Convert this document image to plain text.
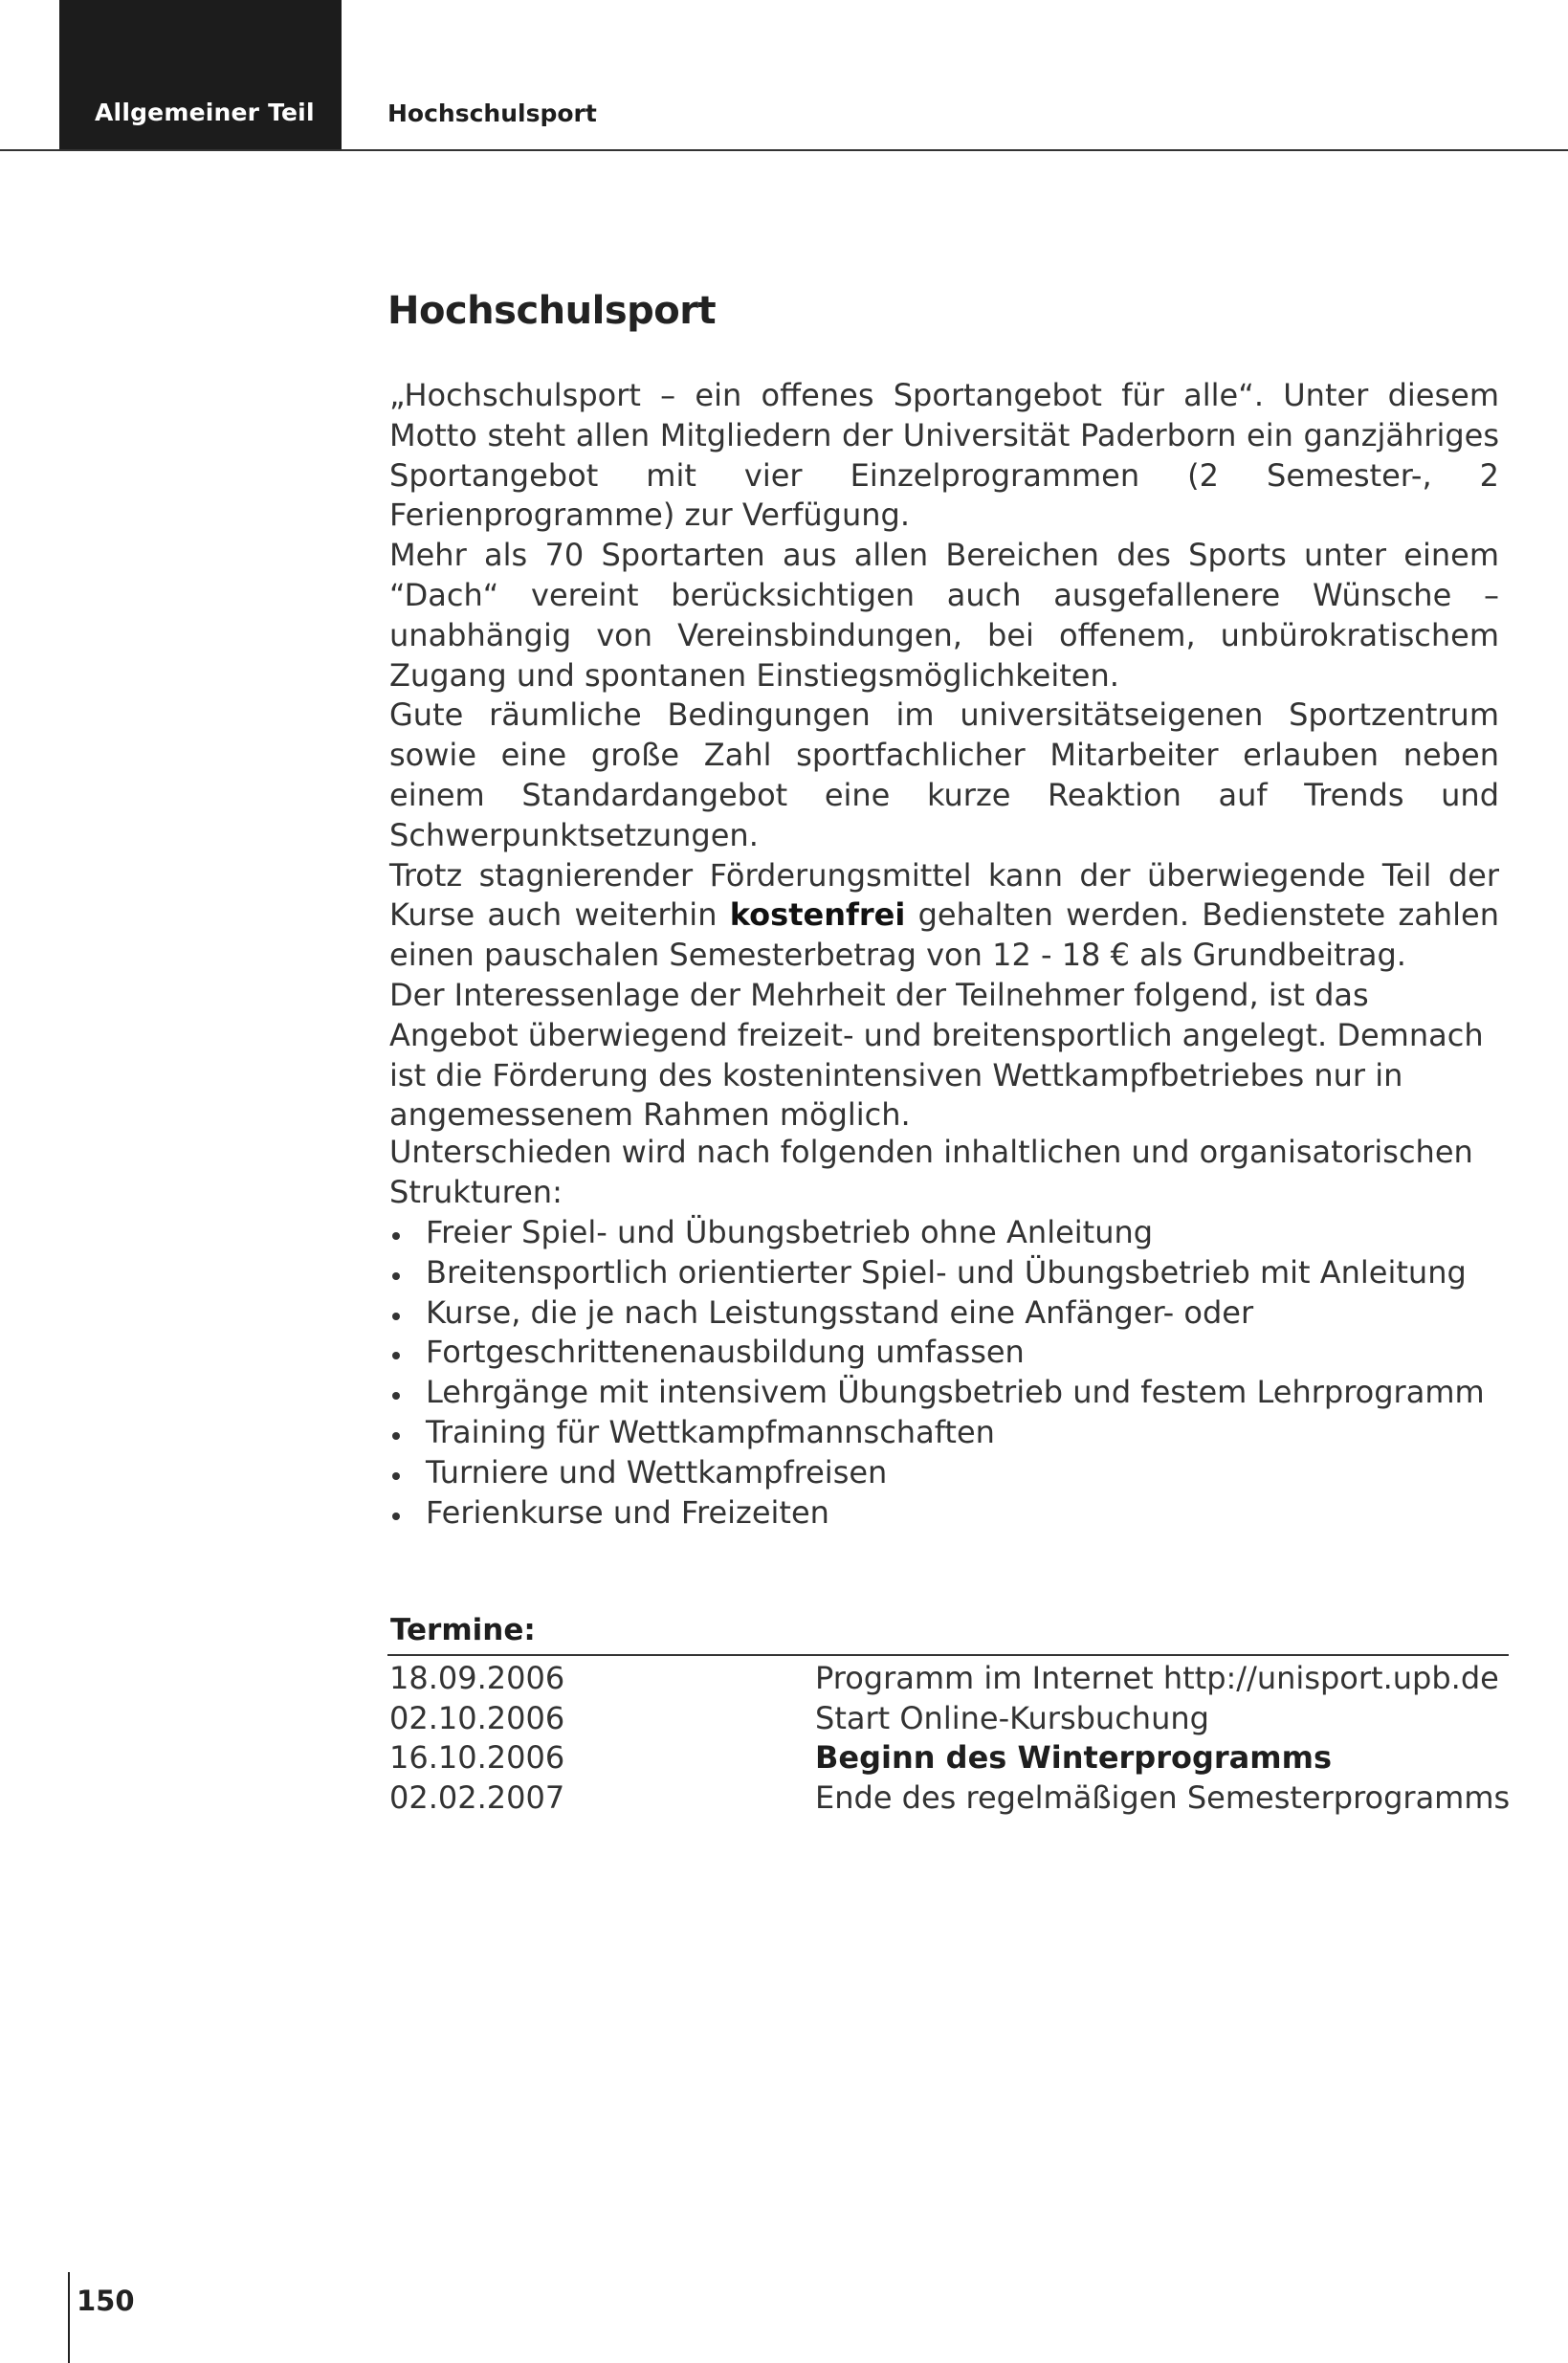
Allgemeiner Teil	Hochschulsport
Hochschulsport

„Hochschulsport – ein offenes Sportangebot für alle“. Unter diesem Motto steht allen Mitgliedern der Universität Paderborn ein ganzjähriges Sportangebot mit vier Einzelprogrammen (2 Semester-, 2 Ferienprogramme) zur Verfügung.

Mehr als 70 Sportarten aus allen Bereichen des Sports unter einem “Dach“ vereint berücksichtigen auch ausgefallenere Wünsche – unabhängig von Vereinsbindungen, bei offenem, unbürokratischem Zugang und spontanen Einstiegsmöglichkeiten.

Gute räumliche Bedingungen im universitätseigenen Sportzentrum sowie eine große Zahl sportfachlicher Mitarbeiter erlauben neben einem Standardangebot eine kurze Reaktion auf Trends und Schwerpunktsetzungen.

Trotz stagnierender Förderungsmittel kann der überwiegende Teil der Kurse auch weiterhin kostenfrei gehalten werden. Bedienstete zahlen einen pauschalen Semesterbetrag von 12 - 18 € als Grundbeitrag.

Der Interessenlage der Mehrheit der Teilnehmer folgend, ist das Angebot überwiegend freizeit- und breitensportlich angelegt. Demnach ist die Förderung des kostenintensiven Wettkampfbetriebes nur in angemessenem Rahmen möglich.

Unterschieden wird nach folgenden inhaltlichen und organisatorischen Strukturen:
Freier Spiel- und Übungsbetrieb ohne Anleitung
Breitensportlich orientierter Spiel- und Übungsbetrieb mit Anleitung
Kurse, die je nach Leistungsstand eine Anfänger- oder
Fortgeschrittenenausbildung umfassen
Lehrgänge mit intensivem Übungsbetrieb und festem Lehrprogramm
Training für Wettkampfmannschaften
Turniere und Wettkampfreisen
Ferienkurse und Freizeiten
Termine:
18.09.2006	Programm im Internet http://unisport.upb.de
02.10.2006	Start Online-Kursbuchung
16.10.2006	Beginn des Winterprogramms
02.02.2007	Ende des regelmäßigen Semesterprogramms
150
